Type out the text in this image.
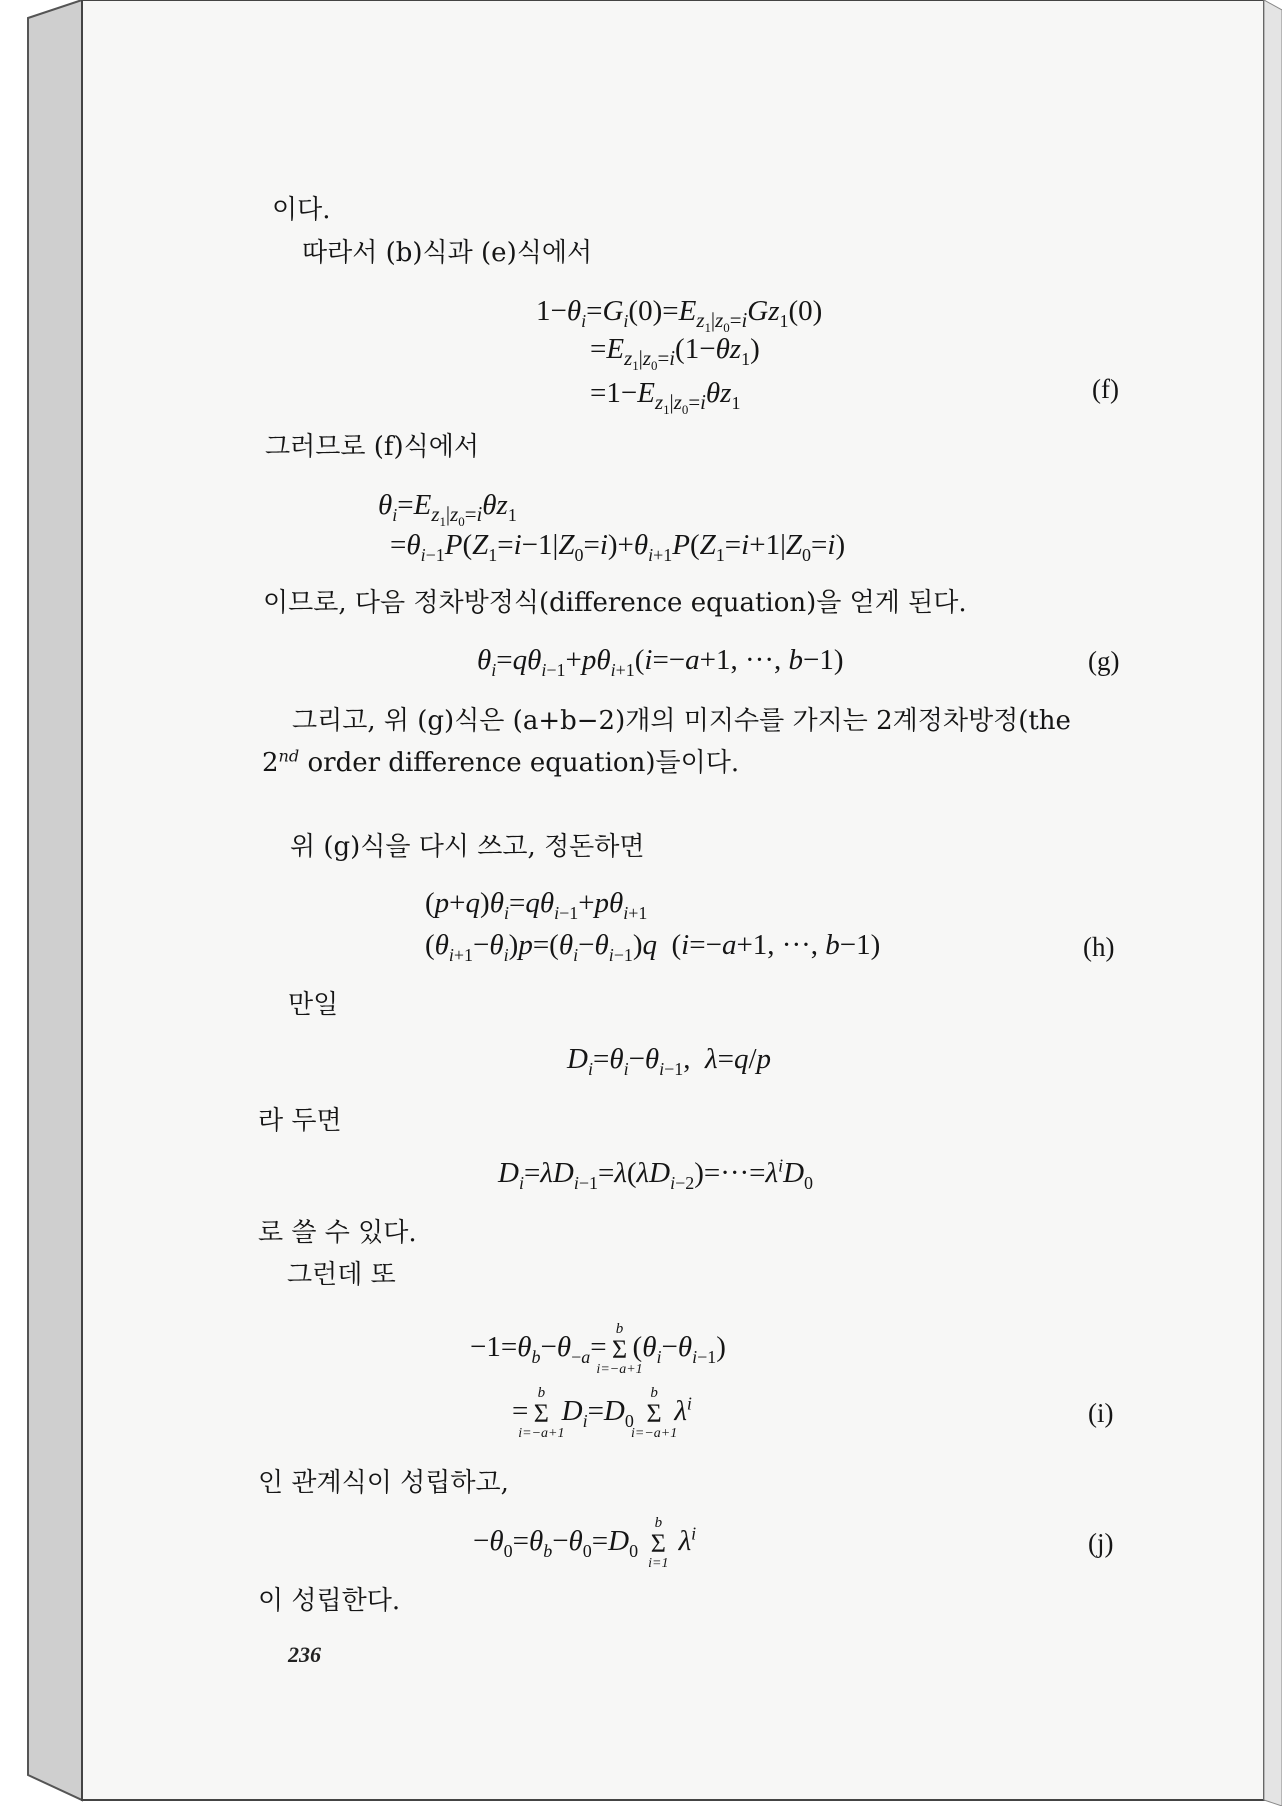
이다.
따라서 (b)식과 (e)식에서
$1-\theta_i=G_i(0)=E_{z_1|z_0=i}Gz_1(0)$
$=E_{z_1|z_0=i}(1-\theta z_1)$
$=1-E_{z_1|z_0=i}\theta z_1$	(f)
그러므로 (f)식에서
$\theta_i=E_{z_1|z_0=i}\theta z_1$
$=\theta_{i-1}P(Z_1=i-1|Z_0=i)+\theta_{i+1}P(Z_1=i+1|Z_0=i)$
이므로, 다음 정차방정식(difference equation)을 얻게 된다.
$\theta_i=q\theta_{i-1}+p\theta_{i+1}(i=-a+1$, ···, b−1)	(g)
그리고, 위 (g)식은 (a+b−2)개의 미지수를 가지는 2계정차방정(the
2nd order difference equation)들이다.
위 (g)식을 다시 쓰고, 정돈하면
$(p+q)\theta_i=q\theta_{i-1}+p\theta_{i+1}$
$(\theta_{i+1}-\theta_i)p=(\theta_i-\theta_{i-1})q$  (i=−a+1, ···, b−1)	(h)
만일
$D_i=\theta_i-\theta_{i-1}$,  λ=q/p
라 두면
$D_i=\lambda D_{i-1}=\lambda(\lambda D_{i-2})=\cdot\cdot\cdot=\lambda^iD_0$
로 쓸 수 있다.
그런데 또
$-1=\theta_b-\theta_{-a}=$
b
Σ
i=−a+1
$(\theta_i-\theta_{i-1})$
=
b
Σ
i=−a+1
$D_i=D_0$
b
Σ
i=−a+1
$\lambda^i$	(i)
인 관계식이 성립하고,
$-\theta_0=\theta_b-\theta_0=D_0$
b
Σ
i=1
$\lambda^i$	(j)
이 성립한다.
236
